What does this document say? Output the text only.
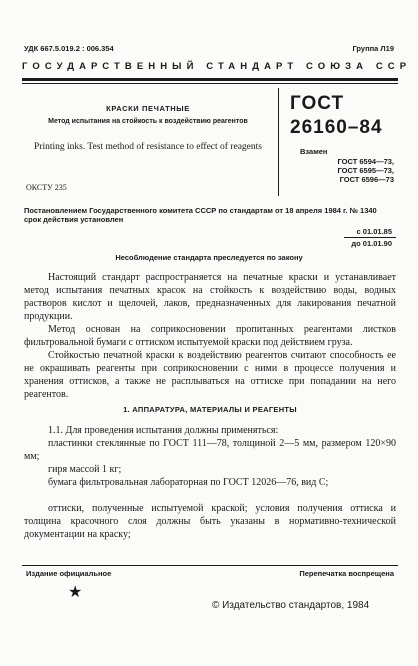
УДК 667.5.019.2 : 006.354	Группа Л19
ГОСУДАРСТВЕННЫЙ СТАНДАРТ СОЮЗА ССР
КРАСКИ ПЕЧАТНЫЕ
Метод испытания на стойкость к воздействию реагентов
Printing inks. Test method of resistance to effect of reagents
ОКСТУ 235
ГОСТ
26160–84
Взамен
ГОСТ 6594—73,
ГОСТ 6595—73,
ГОСТ 6596—73
Постановлением Государственного комитета СССР по стандартам от 18 апреля 1984 г. № 1340 срок действия установлен
с 01.01.85
до 01.01.90
Несоблюдение стандарта преследуется по закону
Настоящий стандарт распространяется на печатные краски и устанавливает метод испытания печатных красок на стойкость к воздействию воды, водных растворов кислот и щелочей, лаков, предназначенных для лакирования печатной продукции.
Метод основан на соприкосновении пропитанных реагентами листков фильтровальной бумаги с оттиском испытуемой краски под действием груза.
Стойкостью печатной краски к воздействию реагентов считают способность ее не окрашивать реагенты при соприкосновении с ними в процессе получения и хранения оттисков, а также не расплываться на оттиске при попадании на него реагентов.
1. АППАРАТУРА, МАТЕРИАЛЫ И РЕАГЕНТЫ
1.1. Для проведения испытания должны применяться:
пластинки стеклянные по ГОСТ 111—78, толщиной 2—5 мм, размером 120×90 мм;
гиря массой 1 кг;
бумага фильтровальная лабораторная по ГОСТ 12026—76, вид С;
оттиски, полученные испытуемой краской; условия получения оттиска и толщина красочного слоя должны быть указаны в нормативно-технической документации на краску;
Издание официальное	Перепечатка воспрещена
★
© Издательство стандартов, 1984
